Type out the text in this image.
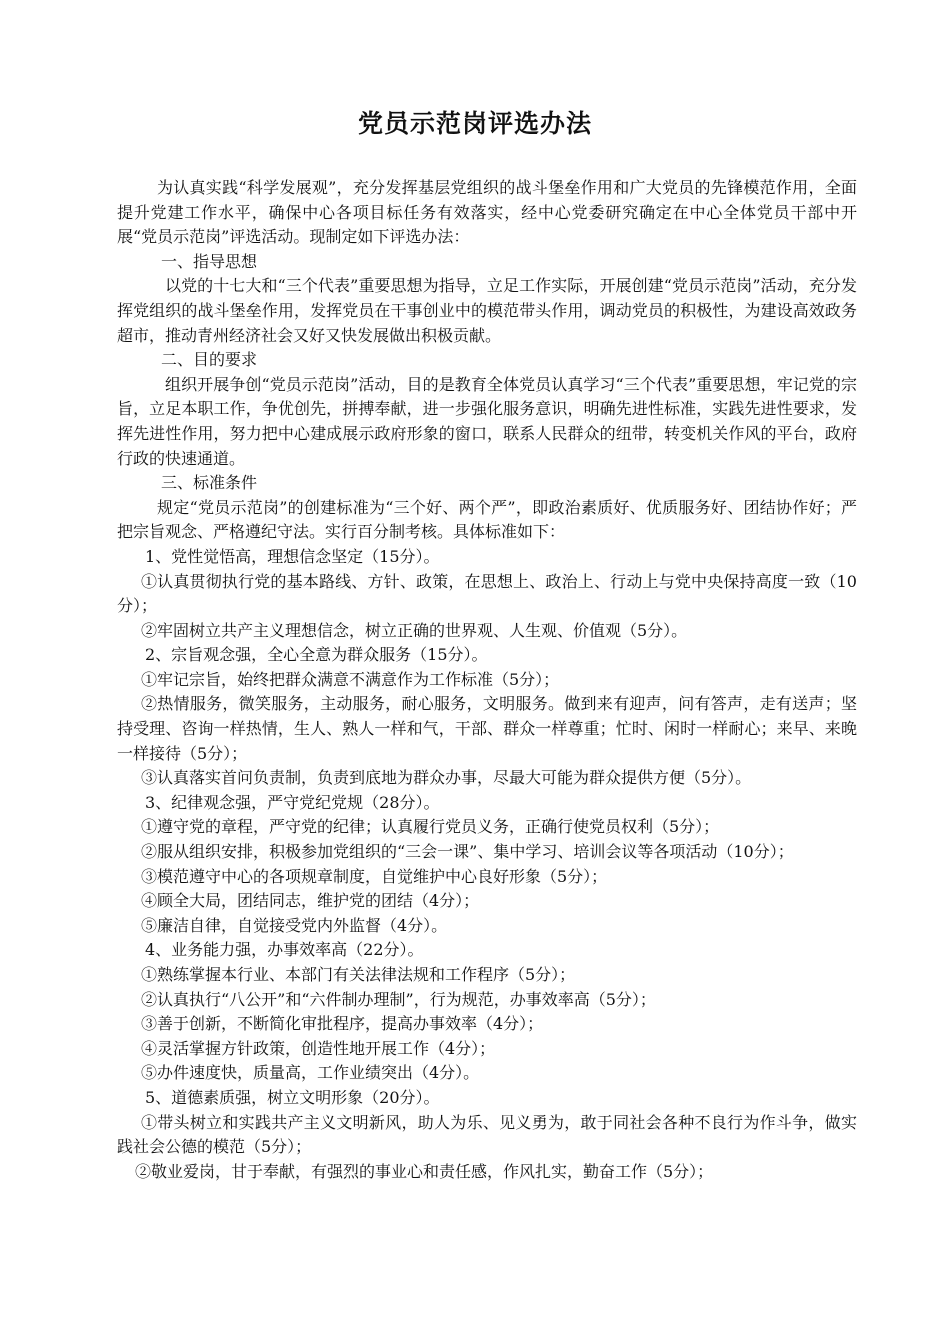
党员示范岗评选办法

为认真实践“科学发展观”，充分发挥基层党组织的战斗堡垒作用和广大党员的先锋模范作用，全面提升党建工作水平，确保中心各项目标任务有效落实，经中心党委研究确定在中心全体党员干部中开展“党员示范岗”评选活动。现制定如下评选办法：

一、指导思想

以党的十七大和“三个代表”重要思想为指导，立足工作实际，开展创建“党员示范岗”活动，充分发挥党组织的战斗堡垒作用，发挥党员在干事创业中的模范带头作用，调动党员的积极性，为建设高效政务超市，推动青州经济社会又好又快发展做出积极贡献。

二、目的要求

组织开展争创“党员示范岗”活动，目的是教育全体党员认真学习“三个代表”重要思想，牢记党的宗旨，立足本职工作，争优创先，拼搏奉献，进一步强化服务意识，明确先进性标准，实践先进性要求，发挥先进性作用，努力把中心建成展示政府形象的窗口，联系人民群众的纽带，转变机关作风的平台，政府行政的快速通道。

三、标准条件

规定“党员示范岗”的创建标准为“三个好、两个严”，即政治素质好、优质服务好、团结协作好；严把宗旨观念、严格遵纪守法。实行百分制考核。具体标准如下：

1、党性觉悟高，理想信念坚定（15分）。

①认真贯彻执行党的基本路线、方针、政策，在思想上、政治上、行动上与党中央保持高度一致（10分）；

②牢固树立共产主义理想信念，树立正确的世界观、人生观、价值观（5分）。

2、宗旨观念强，全心全意为群众服务（15分）。

①牢记宗旨，始终把群众满意不满意作为工作标准（5分）；

②热情服务，微笑服务，主动服务，耐心服务，文明服务。做到来有迎声，问有答声，走有送声；坚持受理、咨询一样热情，生人、熟人一样和气，干部、群众一样尊重；忙时、闲时一样耐心；来早、来晚一样接待（5分）；

③认真落实首问负责制，负责到底地为群众办事，尽最大可能为群众提供方便（5分）。

3、纪律观念强，严守党纪党规（28分）。

①遵守党的章程，严守党的纪律；认真履行党员义务，正确行使党员权利（5分）；

②服从组织安排，积极参加党组织的“三会一课”、集中学习、培训会议等各项活动（10分）；

③模范遵守中心的各项规章制度，自觉维护中心良好形象（5分）；

④顾全大局，团结同志，维护党的团结（4分）；

⑤廉洁自律，自觉接受党内外监督（4分）。

4、业务能力强，办事效率高（22分）。

①熟练掌握本行业、本部门有关法律法规和工作程序（5分）；

②认真执行“八公开”和“六件制办理制”，行为规范，办事效率高（5分）；

③善于创新，不断简化审批程序，提高办事效率（4分）；

④灵活掌握方针政策，创造性地开展工作（4分）；

⑤办件速度快，质量高，工作业绩突出（4分）。

5、道德素质强，树立文明形象（20分）。

①带头树立和实践共产主义文明新风，助人为乐、见义勇为，敢于同社会各种不良行为作斗争，做实践社会公德的模范（5分）；

②敬业爱岗，甘于奉献，有强烈的事业心和责任感，作风扎实，勤奋工作（5分）；
